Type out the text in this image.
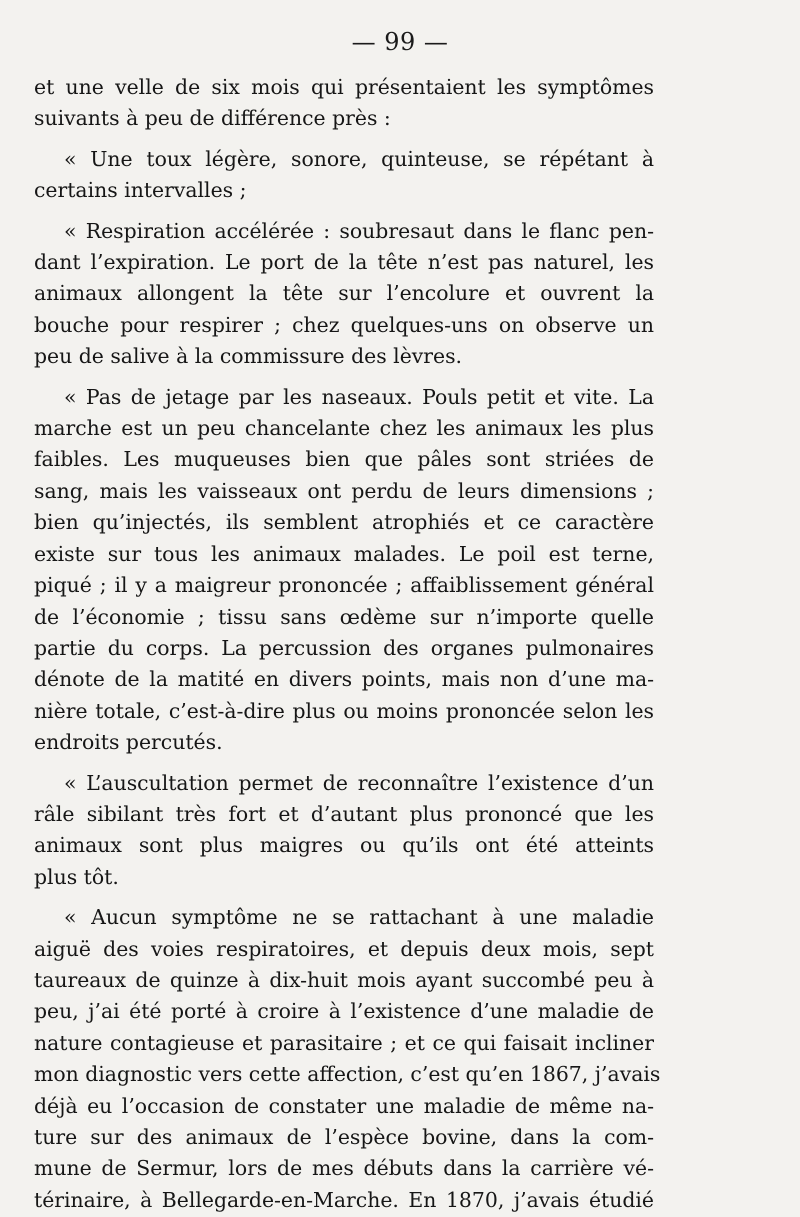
— 99 —
et une velle de six mois qui présentaient les symptômes
suivants à peu de différence près :
« Une toux légère, sonore, quinteuse, se répétant à
certains intervalles ;
« Respiration accélérée : soubresaut dans le flanc pen-
dant l’expiration. Le port de la tête n’est pas naturel, les
animaux allongent la tête sur l’encolure et ouvrent la
bouche pour respirer ; chez quelques-uns on observe un
peu de salive à la commissure des lèvres.
« Pas de jetage par les naseaux. Pouls petit et vite. La
marche est un peu chancelante chez les animaux les plus
faibles. Les muqueuses bien que pâles sont striées de
sang, mais les vaisseaux ont perdu de leurs dimensions ;
bien qu’injectés, ils semblent atrophiés et ce caractère
existe sur tous les animaux malades. Le poil est terne,
piqué ; il y a maigreur prononcée ; affaiblissement général
de l’économie ; tissu sans œdème sur n’importe quelle
partie du corps. La percussion des organes pulmonaires
dénote de la matité en divers points, mais non d’une ma-
nière totale, c’est-à-dire plus ou moins prononcée selon les
endroits percutés.
« L’auscultation permet de reconnaître l’existence d’un
râle sibilant très fort et d’autant plus prononcé que les
animaux sont plus maigres ou qu’ils ont été atteints
plus tôt.
« Aucun symptôme ne se rattachant à une maladie
aiguë des voies respiratoires, et depuis deux mois, sept
taureaux de quinze à dix-huit mois ayant succombé peu à
peu, j’ai été porté à croire à l’existence d’une maladie de
nature contagieuse et parasitaire ; et ce qui faisait incliner
mon diagnostic vers cette affection, c’est qu’en 1867, j’avais
déjà eu l’occasion de constater une maladie de même na-
ture sur des animaux de l’espèce bovine, dans la com-
mune de Sermur, lors de mes débuts dans la carrière vé-
térinaire, à Bellegarde-en-Marche. En 1870, j’avais étudié
